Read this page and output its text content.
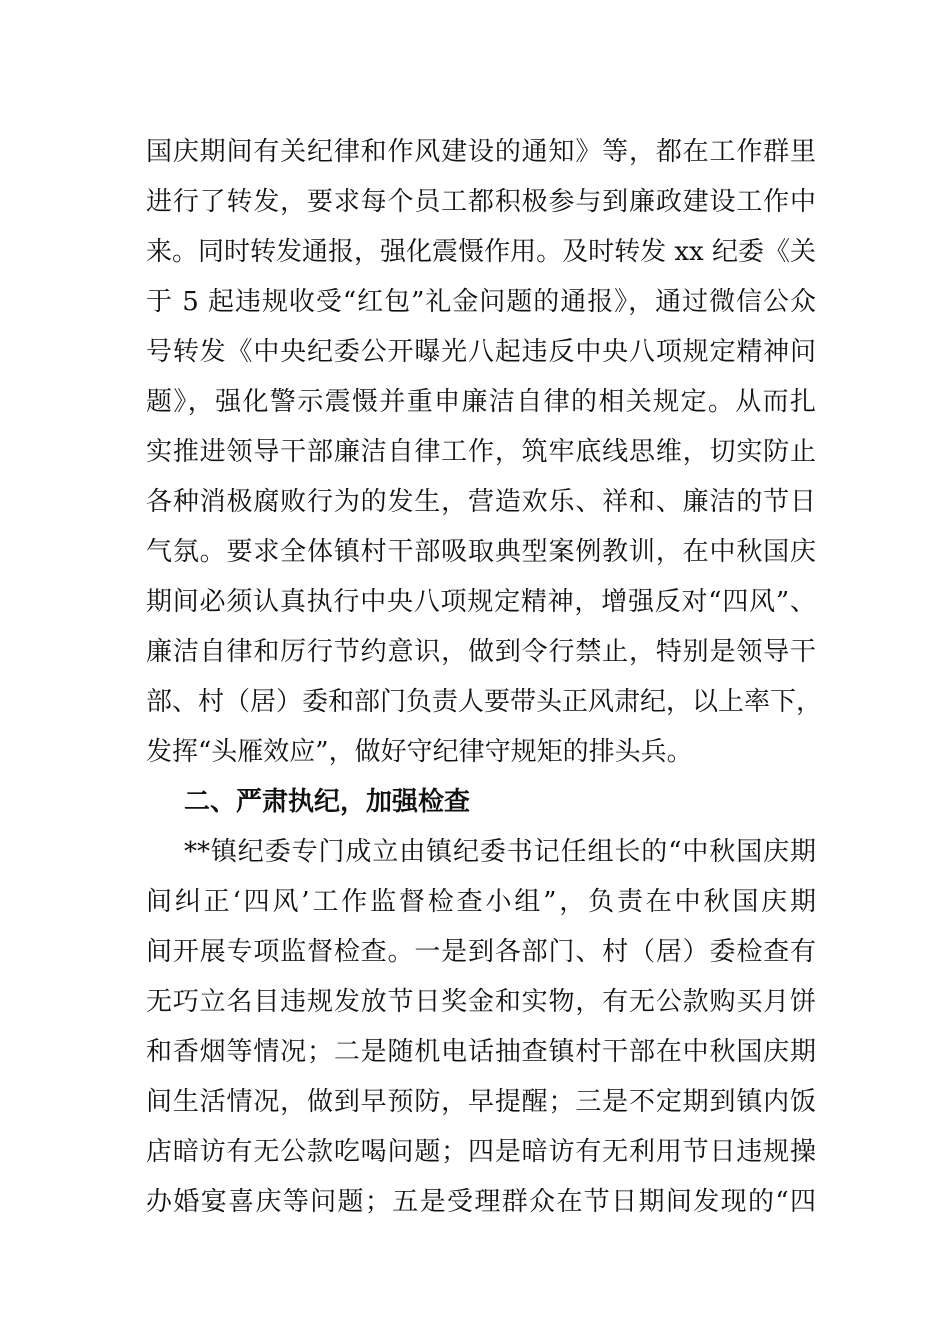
国庆期间有关纪律和作风建设的通知》等，都在工作群里
进行了转发，要求每个员工都积极参与到廉政建设工作中
来。同时转发通报，强化震慑作用。及时转发 xx 纪委《关
于 5 起违规收受“红包”礼金问题的通报》，通过微信公众
号转发《中央纪委公开曝光八起违反中央八项规定精神问
题》，强化警示震慑并重申廉洁自律的相关规定。从而扎
实推进领导干部廉洁自律工作，筑牢底线思维，切实防止
各种消极腐败行为的发生，营造欢乐、祥和、廉洁的节日
气氛。要求全体镇村干部吸取典型案例教训，在中秋国庆
期间必须认真执行中央八项规定精神，增强反对“四风”、
廉洁自律和厉行节约意识，做到令行禁止，特别是领导干
部、村（居）委和部门负责人要带头正风肃纪，以上率下，
发挥“头雁效应”，做好守纪律守规矩的排头兵。
二、严肃执纪，加强检查
**镇纪委专门成立由镇纪委书记任组长的“中秋国庆期
间纠正‘四风’工作监督检查小组”，负责在中秋国庆期
间开展专项监督检查。一是到各部门、村（居）委检查有
无巧立名目违规发放节日奖金和实物，有无公款购买月饼
和香烟等情况；二是随机电话抽查镇村干部在中秋国庆期
间生活情况，做到早预防，早提醒；三是不定期到镇内饭
店暗访有无公款吃喝问题；四是暗访有无利用节日违规操
办婚宴喜庆等问题；五是受理群众在节日期间发现的“四
